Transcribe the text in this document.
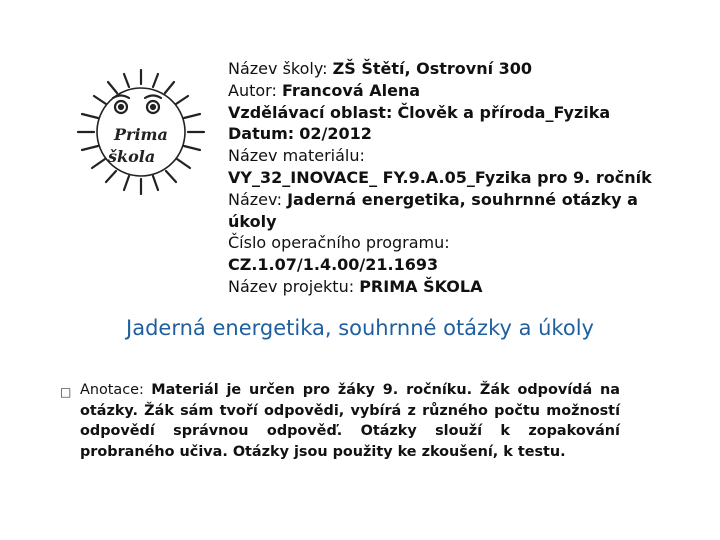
Prima
škola
Název školy: ZŠ Štětí, Ostrovní 300
Autor: Francová Alena
Vzdělávací oblast: Člověk a příroda_Fyzika
Datum: 02/2012
Název materiálu:
VY_32_INOVACE_ FY.9.A.05_Fyzika pro 9. ročník
Název: Jaderná energetika, souhrnné otázky a úkoly
Číslo operačního programu:
CZ.1.07/1.4.00/21.1693
Název projektu: PRIMA ŠKOLA
Jaderná energetika, souhrnné otázky a úkoly
□ Anotace: Materiál je určen pro žáky 9. ročníku. Žák odpovídá na otázky. Žák sám tvoří odpovědi, vybírá z různého počtu možností odpovědí správnou odpověď. Otázky slouží k zopakování probraného učiva. Otázky jsou použity ke zkoušení, k testu.
